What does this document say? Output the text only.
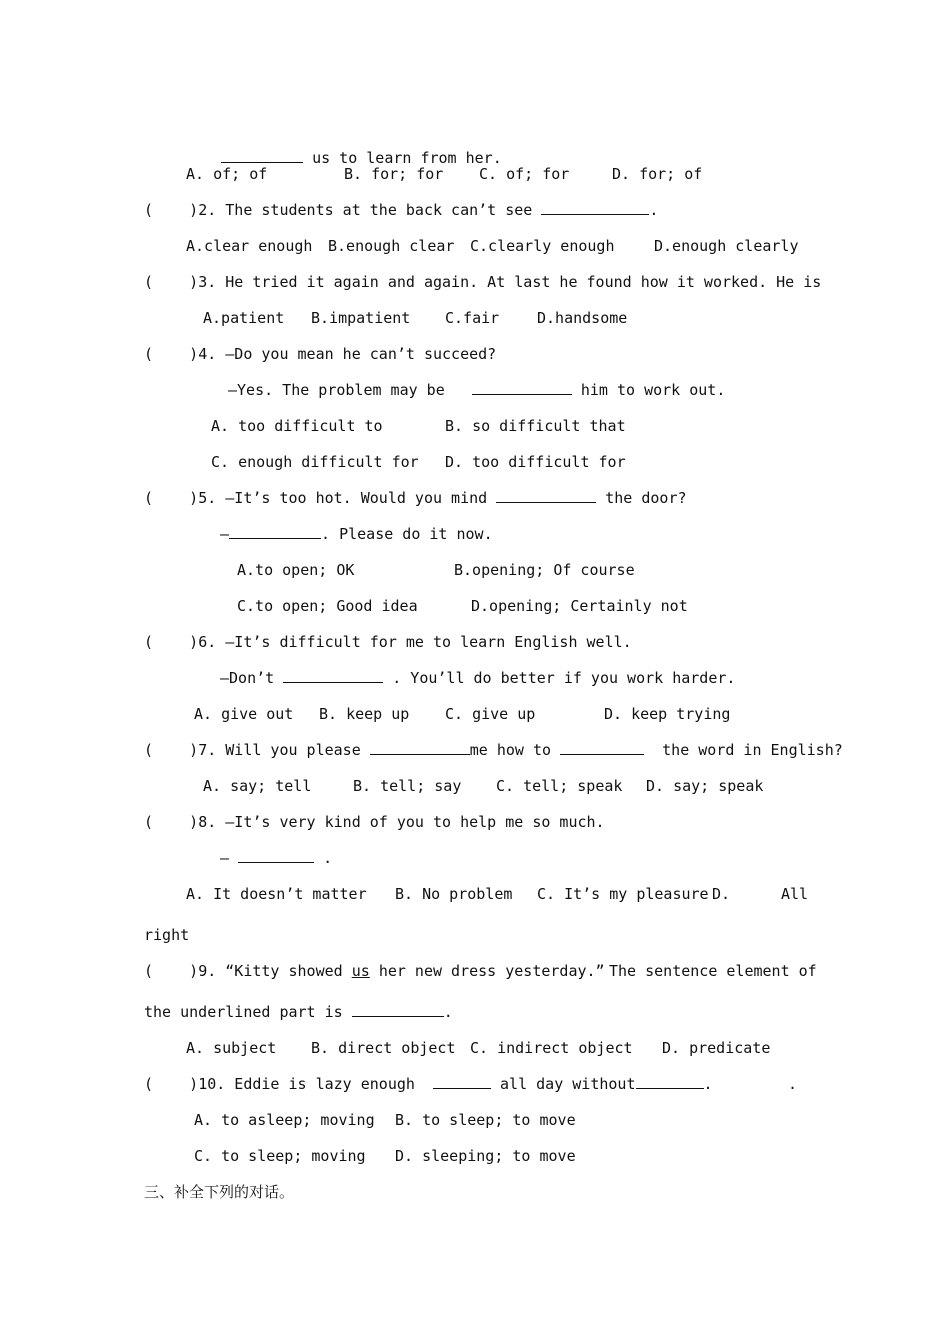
us to learn from her.

A. of; of	B. for; for C. of; for	D. for; of
(    )2. The students at the back can’t see	.
A.clear enough B.enough clear C.clearly enough	D.enough clearly
(    )3. He tried it again and again. At last he found how it worked. He is
A.patient B.impatient C.fair	D.handsome
(    )4. —Do you mean he can’t succeed?
—Yes. The problem may be	him to work out.
A. too difficult to	B. so difficult that
C. enough difficult for D. too difficult for
(    )5. —It’s too hot. Would you mind	the door?
—	. Please do it now.
A.to open; OK	B.opening; Of course
C.to open; Good idea	D.opening; Certainly not
(    )6. —It’s difficult for me to learn English well.
—Don’t	. You’ll do better if you work harder.
A. give out B. keep up C. give up	D. keep trying
(    )7. Will you please	me how to	the word in English?
A. say; tell	B. tell; say C. tell; speak D. say; speak
(    )8. —It’s very kind of you to help me so much.
—	.
A. It doesn’t matter B. No problem C. It’s my pleasure D.	All
right
(    )9. “Kitty showed us her new dress yesterday.” The sentence element of
the underlined part is	.
A. subject B. direct object C. indirect object D. predicate
(    )10. Eddie is lazy enough	all day without	.	.
A. to asleep; moving B. to sleep; to move
C. to sleep; moving D. sleeping; to move
三、补全下列的对话。
